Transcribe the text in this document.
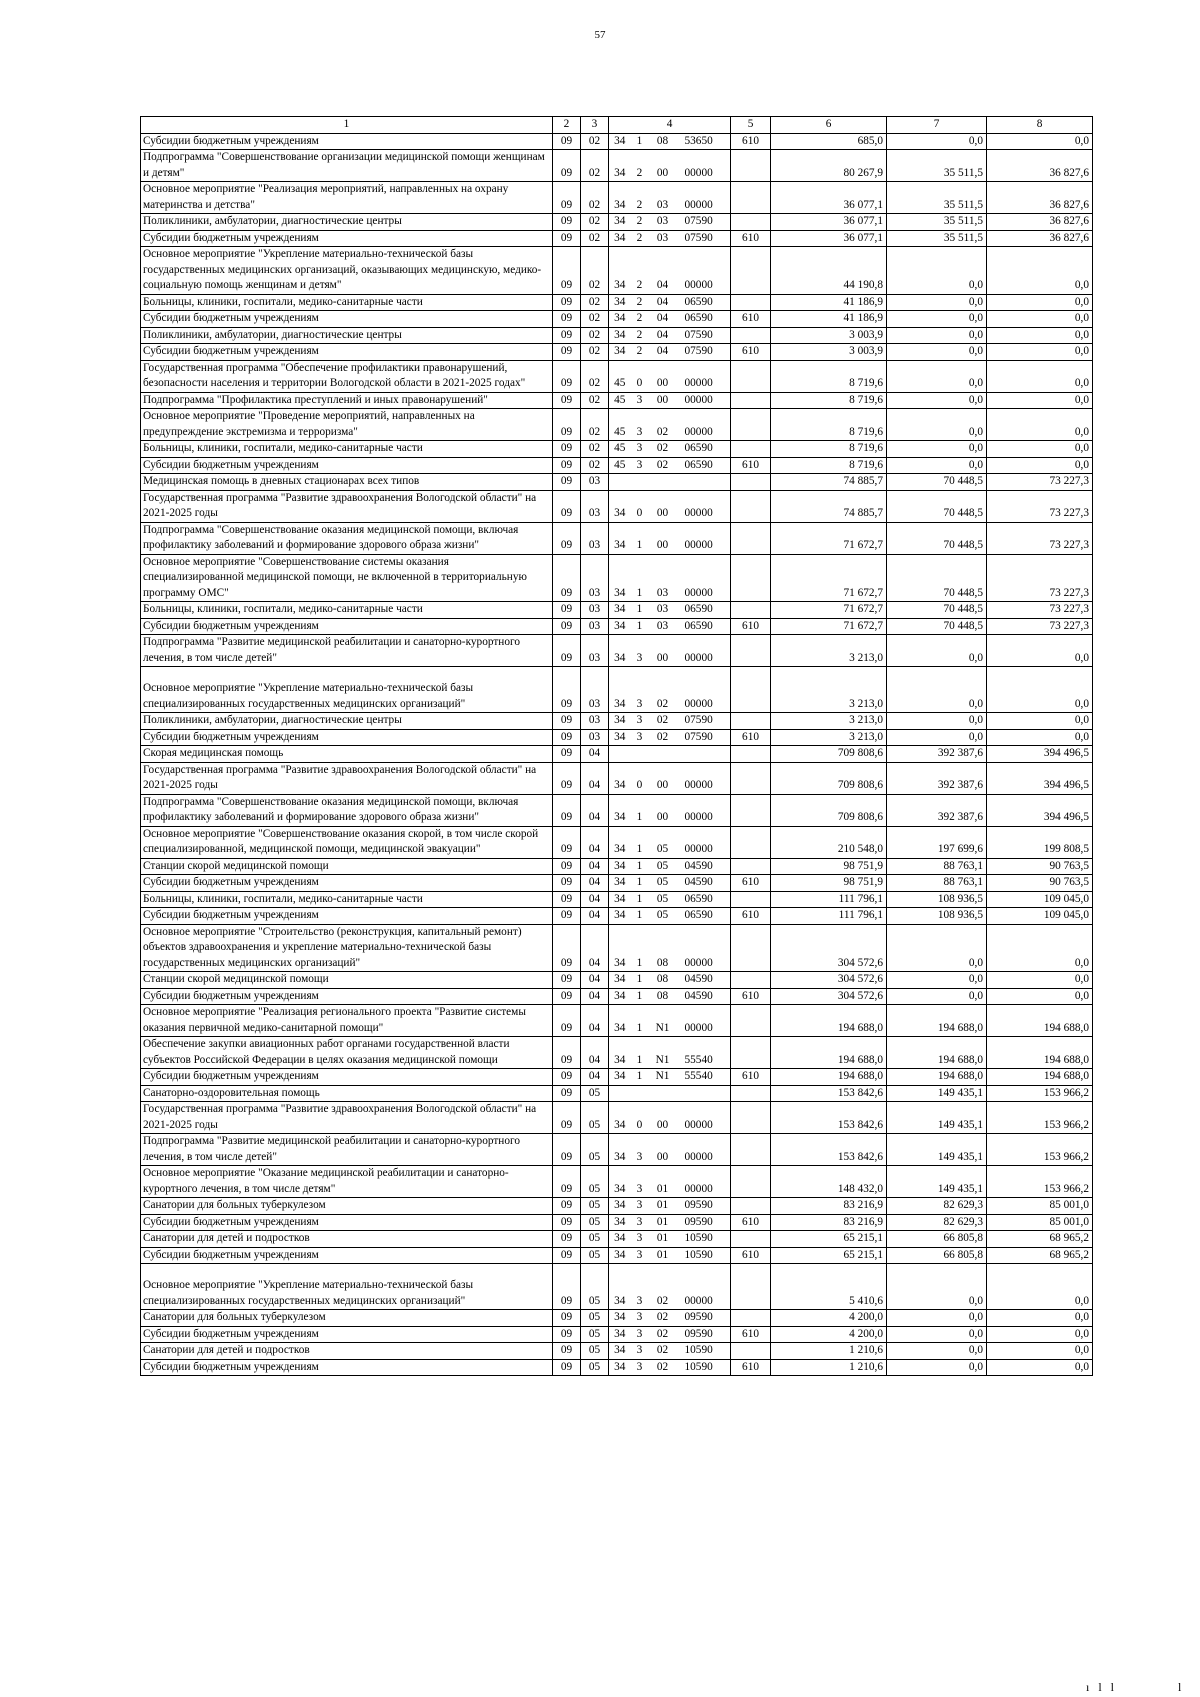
57
1	2	3	4				5	6	7	8
Субсидии бюджетным учреждениям	09	02	34	1	08	53650	610	685,0	0,0	0,0
Подпрограмма "Совершенствование организации медицинской помощи женщинам и детям"	09	02	34	2	00	00000		80 267,9	35 511,5	36 827,6
Основное мероприятие "Реализация мероприятий, направленных на охрану материнства и детства"	09	02	34	2	03	00000		36 077,1	35 511,5	36 827,6
Поликлиники, амбулатории, диагностические центры	09	02	34	2	03	07590		36 077,1	35 511,5	36 827,6
Субсидии бюджетным учреждениям	09	02	34	2	03	07590	610	36 077,1	35 511,5	36 827,6
Основное мероприятие "Укрепление материально-технической базы государственных медицинских организаций, оказывающих медицинскую, медико-социальную помощь женщинам и детям"	09	02	34	2	04	00000		44 190,8	0,0	0,0
Больницы, клиники, госпитали, медико-санитарные части	09	02	34	2	04	06590		41 186,9	0,0	0,0
Субсидии бюджетным учреждениям	09	02	34	2	04	06590	610	41 186,9	0,0	0,0
Поликлиники, амбулатории, диагностические центры	09	02	34	2	04	07590		3 003,9	0,0	0,0
Субсидии бюджетным учреждениям	09	02	34	2	04	07590	610	3 003,9	0,0	0,0
Государственная программа "Обеспечение профилактики правонарушений, безопасности населения и территории Вологодской области в 2021-2025 годах"	09	02	45	0	00	00000		8 719,6	0,0	0,0
Подпрограмма "Профилактика преступлений и иных правонарушений"	09	02	45	3	00	00000		8 719,6	0,0	0,0
Основное мероприятие "Проведение мероприятий, направленных на предупреждение экстремизма и терроризма"	09	02	45	3	02	00000		8 719,6	0,0	0,0
Больницы, клиники, госпитали, медико-санитарные части	09	02	45	3	02	06590		8 719,6	0,0	0,0
Субсидии бюджетным учреждениям	09	02	45	3	02	06590	610	8 719,6	0,0	0,0
Медицинская помощь в дневных стационарах всех типов	09	03						74 885,7	70 448,5	73 227,3
Государственная программа "Развитие здравоохранения Вологодской области" на 2021-2025 годы	09	03	34	0	00	00000		74 885,7	70 448,5	73 227,3
Подпрограмма "Совершенствование оказания медицинской помощи, включая профилактику заболеваний и формирование здорового образа жизни"	09	03	34	1	00	00000		71 672,7	70 448,5	73 227,3
Основное мероприятие "Совершенствование системы оказания специализированной медицинской помощи, не включенной в территориальную программу ОМС"	09	03	34	1	03	00000		71 672,7	70 448,5	73 227,3
Больницы, клиники, госпитали, медико-санитарные части	09	03	34	1	03	06590		71 672,7	70 448,5	73 227,3
Субсидии бюджетным учреждениям	09	03	34	1	03	06590	610	71 672,7	70 448,5	73 227,3
Подпрограмма "Развитие медицинской реабилитации и санаторно-курортного лечения, в том числе детей"	09	03	34	3	00	00000		3 213,0	0,0	0,0
Основное мероприятие "Укрепление материально-технической базы специализированных государственных медицинских организаций"	09	03	34	3	02	00000		3 213,0	0,0	0,0
Поликлиники, амбулатории, диагностические центры	09	03	34	3	02	07590		3 213,0	0,0	0,0
Субсидии бюджетным учреждениям	09	03	34	3	02	07590	610	3 213,0	0,0	0,0
Скорая медицинская помощь	09	04						709 808,6	392 387,6	394 496,5
Государственная программа "Развитие здравоохранения Вологодской области" на 2021-2025 годы	09	04	34	0	00	00000		709 808,6	392 387,6	394 496,5
Подпрограмма "Совершенствование оказания медицинской помощи, включая профилактику заболеваний и формирование здорового образа жизни"	09	04	34	1	00	00000		709 808,6	392 387,6	394 496,5
Основное мероприятие "Совершенствование оказания скорой, в том числе скорой специализированной, медицинской помощи, медицинской эвакуации"	09	04	34	1	05	00000		210 548,0	197 699,6	199 808,5
Станции скорой медицинской помощи	09	04	34	1	05	04590		98 751,9	88 763,1	90 763,5
Субсидии бюджетным учреждениям	09	04	34	1	05	04590	610	98 751,9	88 763,1	90 763,5
Больницы, клиники, госпитали, медико-санитарные части	09	04	34	1	05	06590		111 796,1	108 936,5	109 045,0
Субсидии бюджетным учреждениям	09	04	34	1	05	06590	610	111 796,1	108 936,5	109 045,0
Основное мероприятие "Строительство (реконструкция, капитальный ремонт) объектов здравоохранения и укрепление материально-технической базы государственных медицинских организаций"	09	04	34	1	08	00000		304 572,6	0,0	0,0
Станции скорой медицинской помощи	09	04	34	1	08	04590		304 572,6	0,0	0,0
Субсидии бюджетным учреждениям	09	04	34	1	08	04590	610	304 572,6	0,0	0,0
Основное мероприятие "Реализация регионального проекта "Развитие системы оказания первичной медико-санитарной помощи"	09	04	34	1	N1	00000		194 688,0	194 688,0	194 688,0
Обеспечение закупки авиационных работ органами государственной власти субъектов Российской Федерации в целях оказания медицинской помощи	09	04	34	1	N1	55540		194 688,0	194 688,0	194 688,0
Субсидии бюджетным учреждениям	09	04	34	1	N1	55540	610	194 688,0	194 688,0	194 688,0
Санаторно-оздоровительная помощь	09	05						153 842,6	149 435,1	153 966,2
Государственная программа "Развитие здравоохранения Вологодской области" на 2021-2025 годы	09	05	34	0	00	00000		153 842,6	149 435,1	153 966,2
Подпрограмма "Развитие медицинской реабилитации и санаторно-курортного лечения, в том числе детей"	09	05	34	3	00	00000		153 842,6	149 435,1	153 966,2
Основное мероприятие "Оказание медицинской реабилитации и санаторно-курортного лечения, в том числе детям"	09	05	34	3	01	00000		148 432,0	149 435,1	153 966,2
Санатории для больных туберкулезом	09	05	34	3	01	09590		83 216,9	82 629,3	85 001,0
Субсидии бюджетным учреждениям	09	05	34	3	01	09590	610	83 216,9	82 629,3	85 001,0
Санатории для детей и подростков	09	05	34	3	01	10590		65 215,1	66 805,8	68 965,2
Субсидии бюджетным учреждениям	09	05	34	3	01	10590	610	65 215,1	66 805,8	68 965,2
Основное мероприятие "Укрепление материально-технической базы специализированных государственных медицинских организаций"	09	05	34	3	02	00000		5 410,6	0,0	0,0
Санатории для больных туберкулезом	09	05	34	3	02	09590		4 200,0	0,0	0,0
Субсидии бюджетным учреждениям	09	05	34	3	02	09590	610	4 200,0	0,0	0,0
Санатории для детей и подростков	09	05	34	3	02	10590		1 210,6	0,0	0,0
Субсидии бюджетным учреждениям	09	05	34	3	02	10590	610	1 210,6	0,0	0,0
ı l l	l
